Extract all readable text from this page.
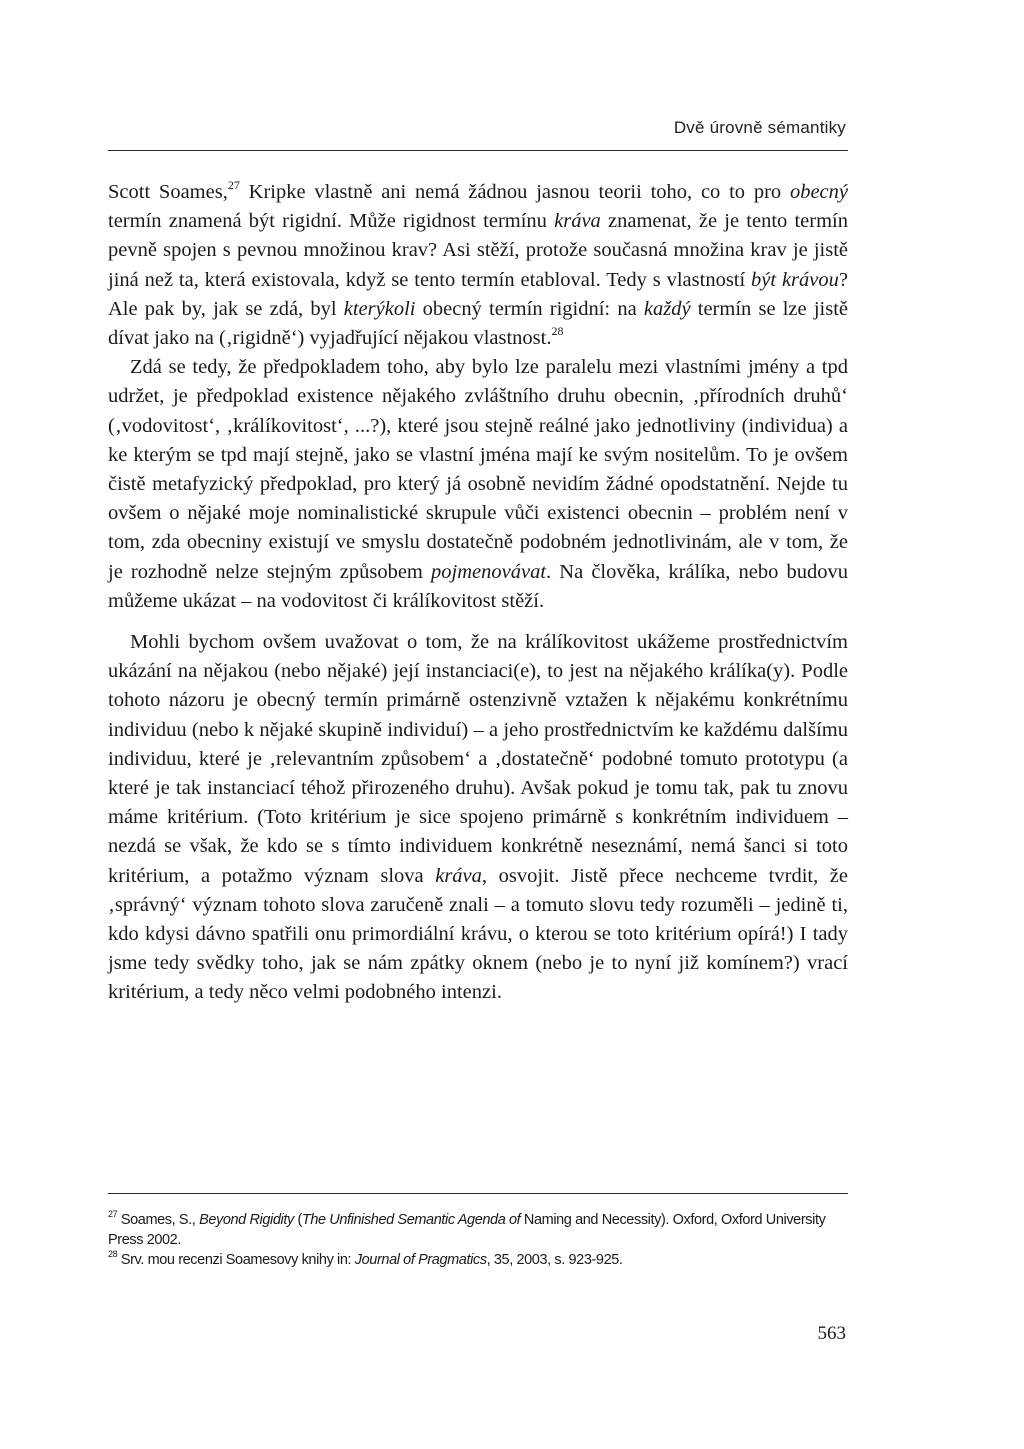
Dvě úrovně sémantiky

Scott Soames,$^{27}$ Kripke vlastně ani nemá žádnou jasnou teorii toho, co to pro obecný termín znamená být rigidní. Může rigidnost termínu kráva znamenat, že je tento termín pevně spojen s pevnou množinou krav? Asi stěží, protože současná množina krav je jistě jiná než ta, která existovala, když se tento termín etabloval. Tedy s vlastností být krávou? Ale pak by, jak se zdá, byl kterýkoli obecný termín rigidní: na každý termín se lze jistě dívat jako na (‚rigidně‘) vyjadřující nějakou vlastnost.$^{28}$

Zdá se tedy, že předpokladem toho, aby bylo lze paralelu mezi vlastními jmény a tpd udržet, je předpoklad existence nějakého zvláštního druhu obecnin, ‚přírodních druhů‘ (‚vodovitost‘, ‚králíkovitost‘, ...?), které jsou stejně reálné jako jednotliviny (individua) a ke kterým se tpd mají stejně, jako se vlastní jména mají ke svým nositelům. To je ovšem čistě metafyzický předpoklad, pro který já osobně nevidím žádné opodstatnění. Nejde tu ovšem o nějaké moje nominalistické skrupule vůči existenci obecnin – problém není v tom, zda obecniny existují ve smyslu dostatečně podobném jednotlivinám, ale v tom, že je rozhodně nelze stejným způsobem pojmenovávat. Na člověka, králíka, nebo budovu můžeme ukázat – na vodovitost či králíkovitost stěží.

Mohli bychom ovšem uvažovat o tom, že na králíkovitost ukážeme prostřednictvím ukázání na nějakou (nebo nějaké) její instanciaci(e), to jest na nějakého králíka(y). Podle tohoto názoru je obecný termín primárně ostenzivně vztažen k nějakému konkrétnímu individuu (nebo k nějaké skupině individuí) – a jeho prostřednictvím ke každému dalšímu individuu, které je ‚relevantním způsobem‘ a ‚dostatečně‘ podobné tomuto prototypu (a které je tak instanciací téhož přirozeného druhu). Avšak pokud je tomu tak, pak tu znovu máme kritérium. (Toto kritérium je sice spojeno primárně s konkrétním individuem – nezdá se však, že kdo se s tímto individuem konkrétně neseznámí, nemá šanci si toto kritérium, a potažmo význam slova kráva, osvojit. Jistě přece nechceme tvrdit, že ‚správný‘ význam tohoto slova zaručeně znali – a tomuto slovu tedy rozuměli – jedině ti, kdo kdysi dávno spatřili onu primordiální krávu, o kterou se toto kritérium opírá!) I tady jsme tedy svědky toho, jak se nám zpátky oknem (nebo je to nyní již komínem?) vrací kritérium, a tedy něco velmi podobného intenzi.

$^{27}$ Soames, S., Beyond Rigidity (The Unfinished Semantic Agenda of Naming and Necessity). Oxford, Oxford University Press 2002.

$^{28}$ Srv. mou recenzi Soamesovy knihy in: Journal of Pragmatics, 35, 2003, s. 923-925.

563
